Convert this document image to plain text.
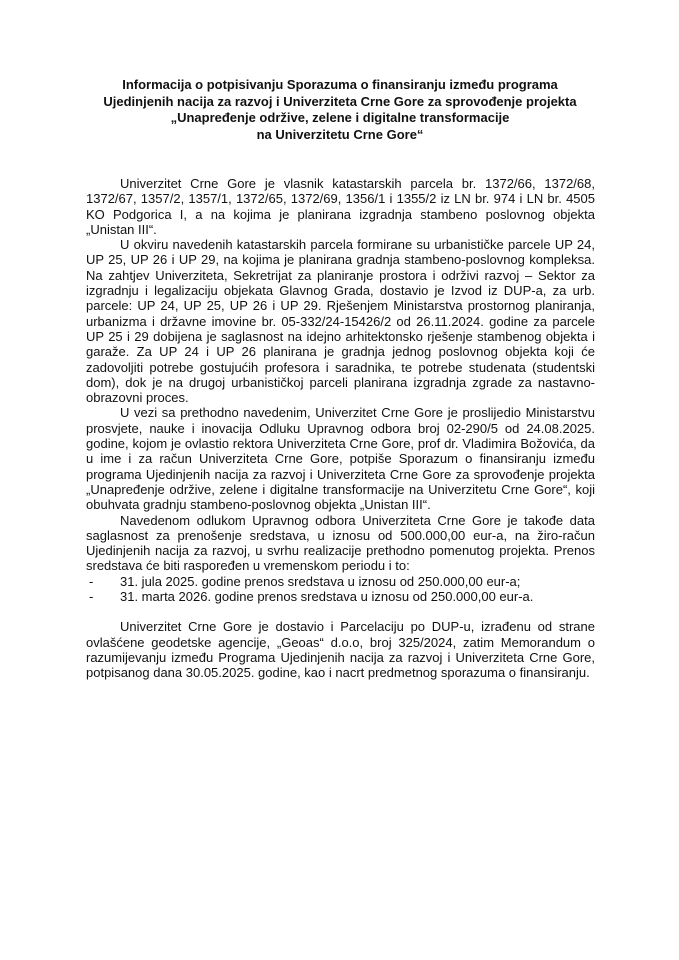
Informacija o potpisivanju Sporazuma o finansiranju između programa
Ujedinjenih nacija za razvoj i Univerziteta Crne Gore za sprovođenje projekta
„Unapređenje održive, zelene i digitalne transformacije
na Univerzitetu Crne Gore“

Univerzitet Crne Gore je vlasnik katastarskih parcela br. 1372/66, 1372/68, 1372/67, 1357/2, 1357/1, 1372/65, 1372/69, 1356/1 i 1355/2 iz LN br. 974 i LN br. 4505 KO Podgorica I, a na kojima je planirana izgradnja stambeno poslovnog objekta „Unistan III“.

U okviru navedenih katastarskih parcela formirane su urbanističke parcele UP 24, UP 25, UP 26 i UP 29, na kojima je planirana gradnja stambeno-poslovnog kompleksa. Na zahtjev Univerziteta, Sekretrijat za planiranje prostora i održivi razvoj – Sektor za izgradnju i legalizaciju objekata Glavnog Grada, dostavio je Izvod iz DUP-a, za urb. parcele: UP 24, UP 25, UP 26 i UP 29. Rješenjem Ministarstva prostornog planiranja, urbanizma i državne imovine br. 05-332/24-15426/2 od 26.11.2024. godine za parcele UP 25 i 29 dobijena je saglasnost na idejno arhitektonsko rješenje stambenog objekta i garaže. Za UP 24 i UP 26 planirana je gradnja jednog poslovnog objekta koji će zadovoljiti potrebe gostujućih profesora i saradnika, te potrebe studenata (studentski dom), dok je na drugoj urbanističkoj parceli planirana izgradnja zgrade za nastavno-obrazovni proces.

U vezi sa prethodno navedenim, Univerzitet Crne Gore je proslijedio Ministarstvu prosvjete, nauke i inovacija Odluku Upravnog odbora broj 02-290/5 od 24.08.2025. godine, kojom je ovlastio rektora Univerziteta Crne Gore, prof dr. Vladimira Božovića, da u ime i za račun Univerziteta Crne Gore, potpiše Sporazum o finansiranju između programa Ujedinjenih nacija za razvoj i Univerziteta Crne Gore za sprovođenje projekta „Unapređenje održive, zelene i digitalne transformacije na Univerzitetu Crne Gore“, koji obuhvata gradnju stambeno-poslovnog objekta „Unistan III“.

Navedenom odlukom Upravnog odbora Univerziteta Crne Gore je takođe data saglasnost za prenošenje sredstava, u iznosu od 500.000,00 eur-a, na žiro-račun Ujedinjenih nacija za razvoj, u svrhu realizacije prethodno pomenutog projekta. Prenos sredstava će biti raspoređen u vremenskom periodu i to:

- 31. jula 2025. godine prenos sredstava u iznosu od 250.000,00 eur-a;
- 31. marta 2026. godine prenos sredstava u iznosu od 250.000,00 eur-a.

Univerzitet Crne Gore je dostavio i Parcelaciju po DUP-u, izrađenu od strane ovlašćene geodetske agencije, „Geoas“ d.o.o, broj 325/2024, zatim Memorandum o razumijevanju između Programa Ujedinjenih nacija za razvoj i Univerziteta Crne Gore, potpisanog dana 30.05.2025. godine, kao i nacrt predmetnog sporazuma o finansiranju.
